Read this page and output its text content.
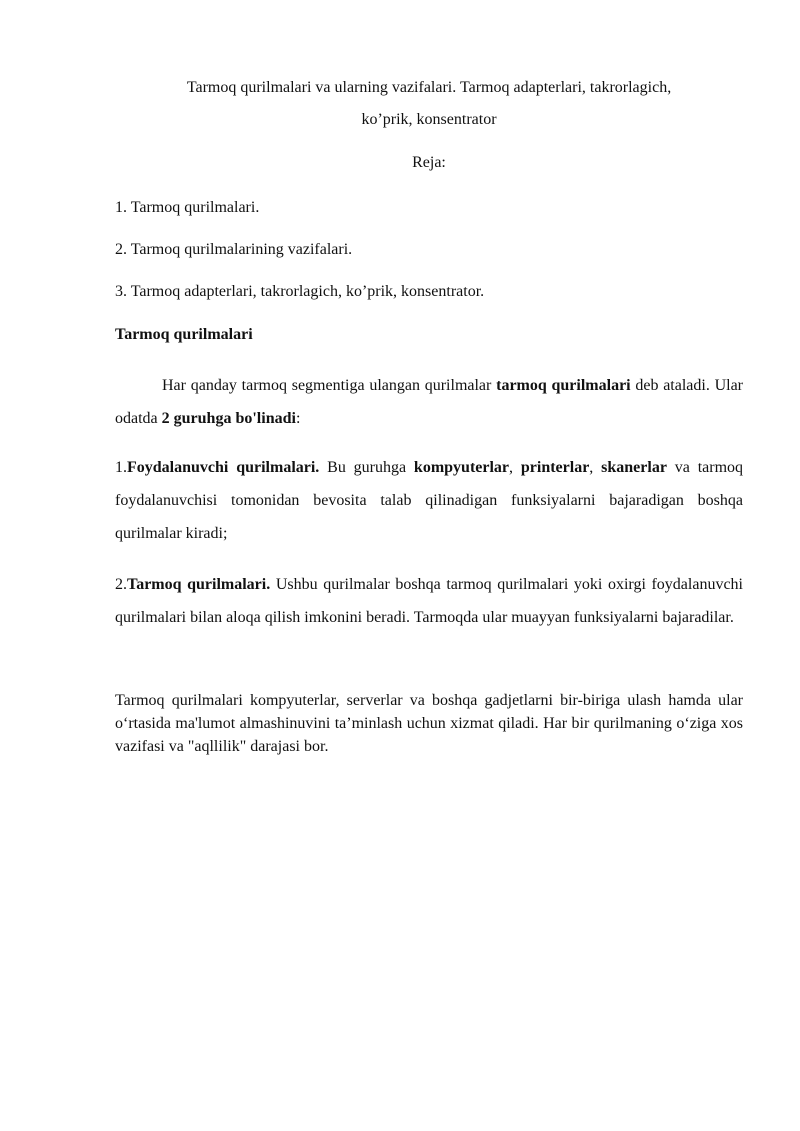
Tarmoq qurilmalari va ularning vazifalari. Tarmoq adapterlari, takrorlagich,
ko’prik, konsentrator

Reja:

1. Tarmoq qurilmalari.

2. Tarmoq qurilmalarining vazifalari.

3. Tarmoq adapterlari, takrorlagich, ko’prik, konsentrator.

Tarmoq qurilmalari

Har qanday tarmoq segmentiga ulangan qurilmalar tarmoq qurilmalari deb ataladi. Ular odatda 2 guruhga bo'linadi:

1.Foydalanuvchi qurilmalari. Bu guruhga kompyuterlar, printerlar, skanerlar va tarmoq foydalanuvchisi tomonidan bevosita talab qilinadigan funksiyalarni bajaradigan boshqa qurilmalar kiradi;

2.Tarmoq qurilmalari. Ushbu qurilmalar boshqa tarmoq qurilmalari yoki oxirgi foydalanuvchi qurilmalari bilan aloqa qilish imkonini beradi. Tarmoqda ular muayyan funksiyalarni bajaradilar.

Tarmoq qurilmalari kompyuterlar, serverlar va boshqa gadjetlarni bir-biriga ulash hamda ular oʻrtasida ma'lumot almashinuvini taʼminlash uchun xizmat qiladi. Har bir qurilmaning oʻziga xos vazifasi va "aqllilik" darajasi bor.
